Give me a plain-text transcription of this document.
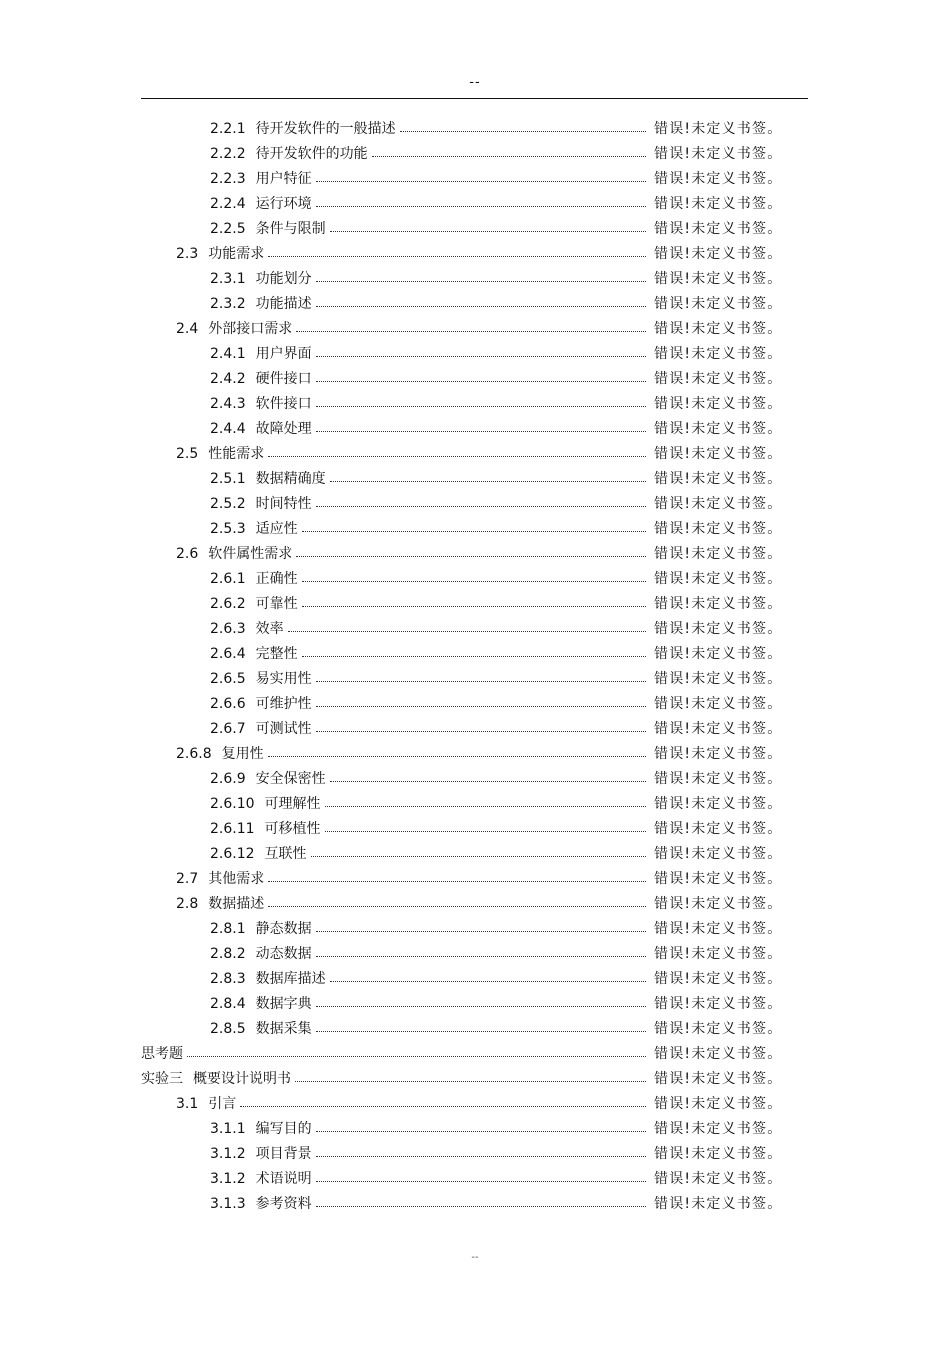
--
2.2.1 待开发软件的一般描述	错误!未定义书签。
2.2.2 待开发软件的功能	错误!未定义书签。
2.2.3 用户特征	错误!未定义书签。
2.2.4 运行环境	错误!未定义书签。
2.2.5 条件与限制	错误!未定义书签。
2.3 功能需求	错误!未定义书签。
2.3.1 功能划分	错误!未定义书签。
2.3.2 功能描述	错误!未定义书签。
2.4 外部接口需求	错误!未定义书签。
2.4.1 用户界面	错误!未定义书签。
2.4.2 硬件接口	错误!未定义书签。
2.4.3 软件接口	错误!未定义书签。
2.4.4 故障处理	错误!未定义书签。
2.5 性能需求	错误!未定义书签。
2.5.1 数据精确度	错误!未定义书签。
2.5.2 时间特性	错误!未定义书签。
2.5.3 适应性	错误!未定义书签。
2.6 软件属性需求	错误!未定义书签。
2.6.1 正确性	错误!未定义书签。
2.6.2 可靠性	错误!未定义书签。
2.6.3 效率	错误!未定义书签。
2.6.4 完整性	错误!未定义书签。
2.6.5 易实用性	错误!未定义书签。
2.6.6 可维护性	错误!未定义书签。
2.6.7 可测试性	错误!未定义书签。
2.6.8 复用性	错误!未定义书签。
2.6.9 安全保密性	错误!未定义书签。
2.6.10 可理解性	错误!未定义书签。
2.6.11 可移植性	错误!未定义书签。
2.6.12 互联性	错误!未定义书签。
2.7 其他需求	错误!未定义书签。
2.8 数据描述	错误!未定义书签。
2.8.1 静态数据	错误!未定义书签。
2.8.2 动态数据	错误!未定义书签。
2.8.3 数据库描述	错误!未定义书签。
2.8.4 数据字典	错误!未定义书签。
2.8.5 数据采集	错误!未定义书签。
思考题	错误!未定义书签。
实验三 概要设计说明书	错误!未定义书签。
3.1 引言	错误!未定义书签。
3.1.1 编写目的	错误!未定义书签。
3.1.2 项目背景	错误!未定义书签。
3.1.2 术语说明	错误!未定义书签。
3.1.3 参考资料	错误!未定义书签。
--
